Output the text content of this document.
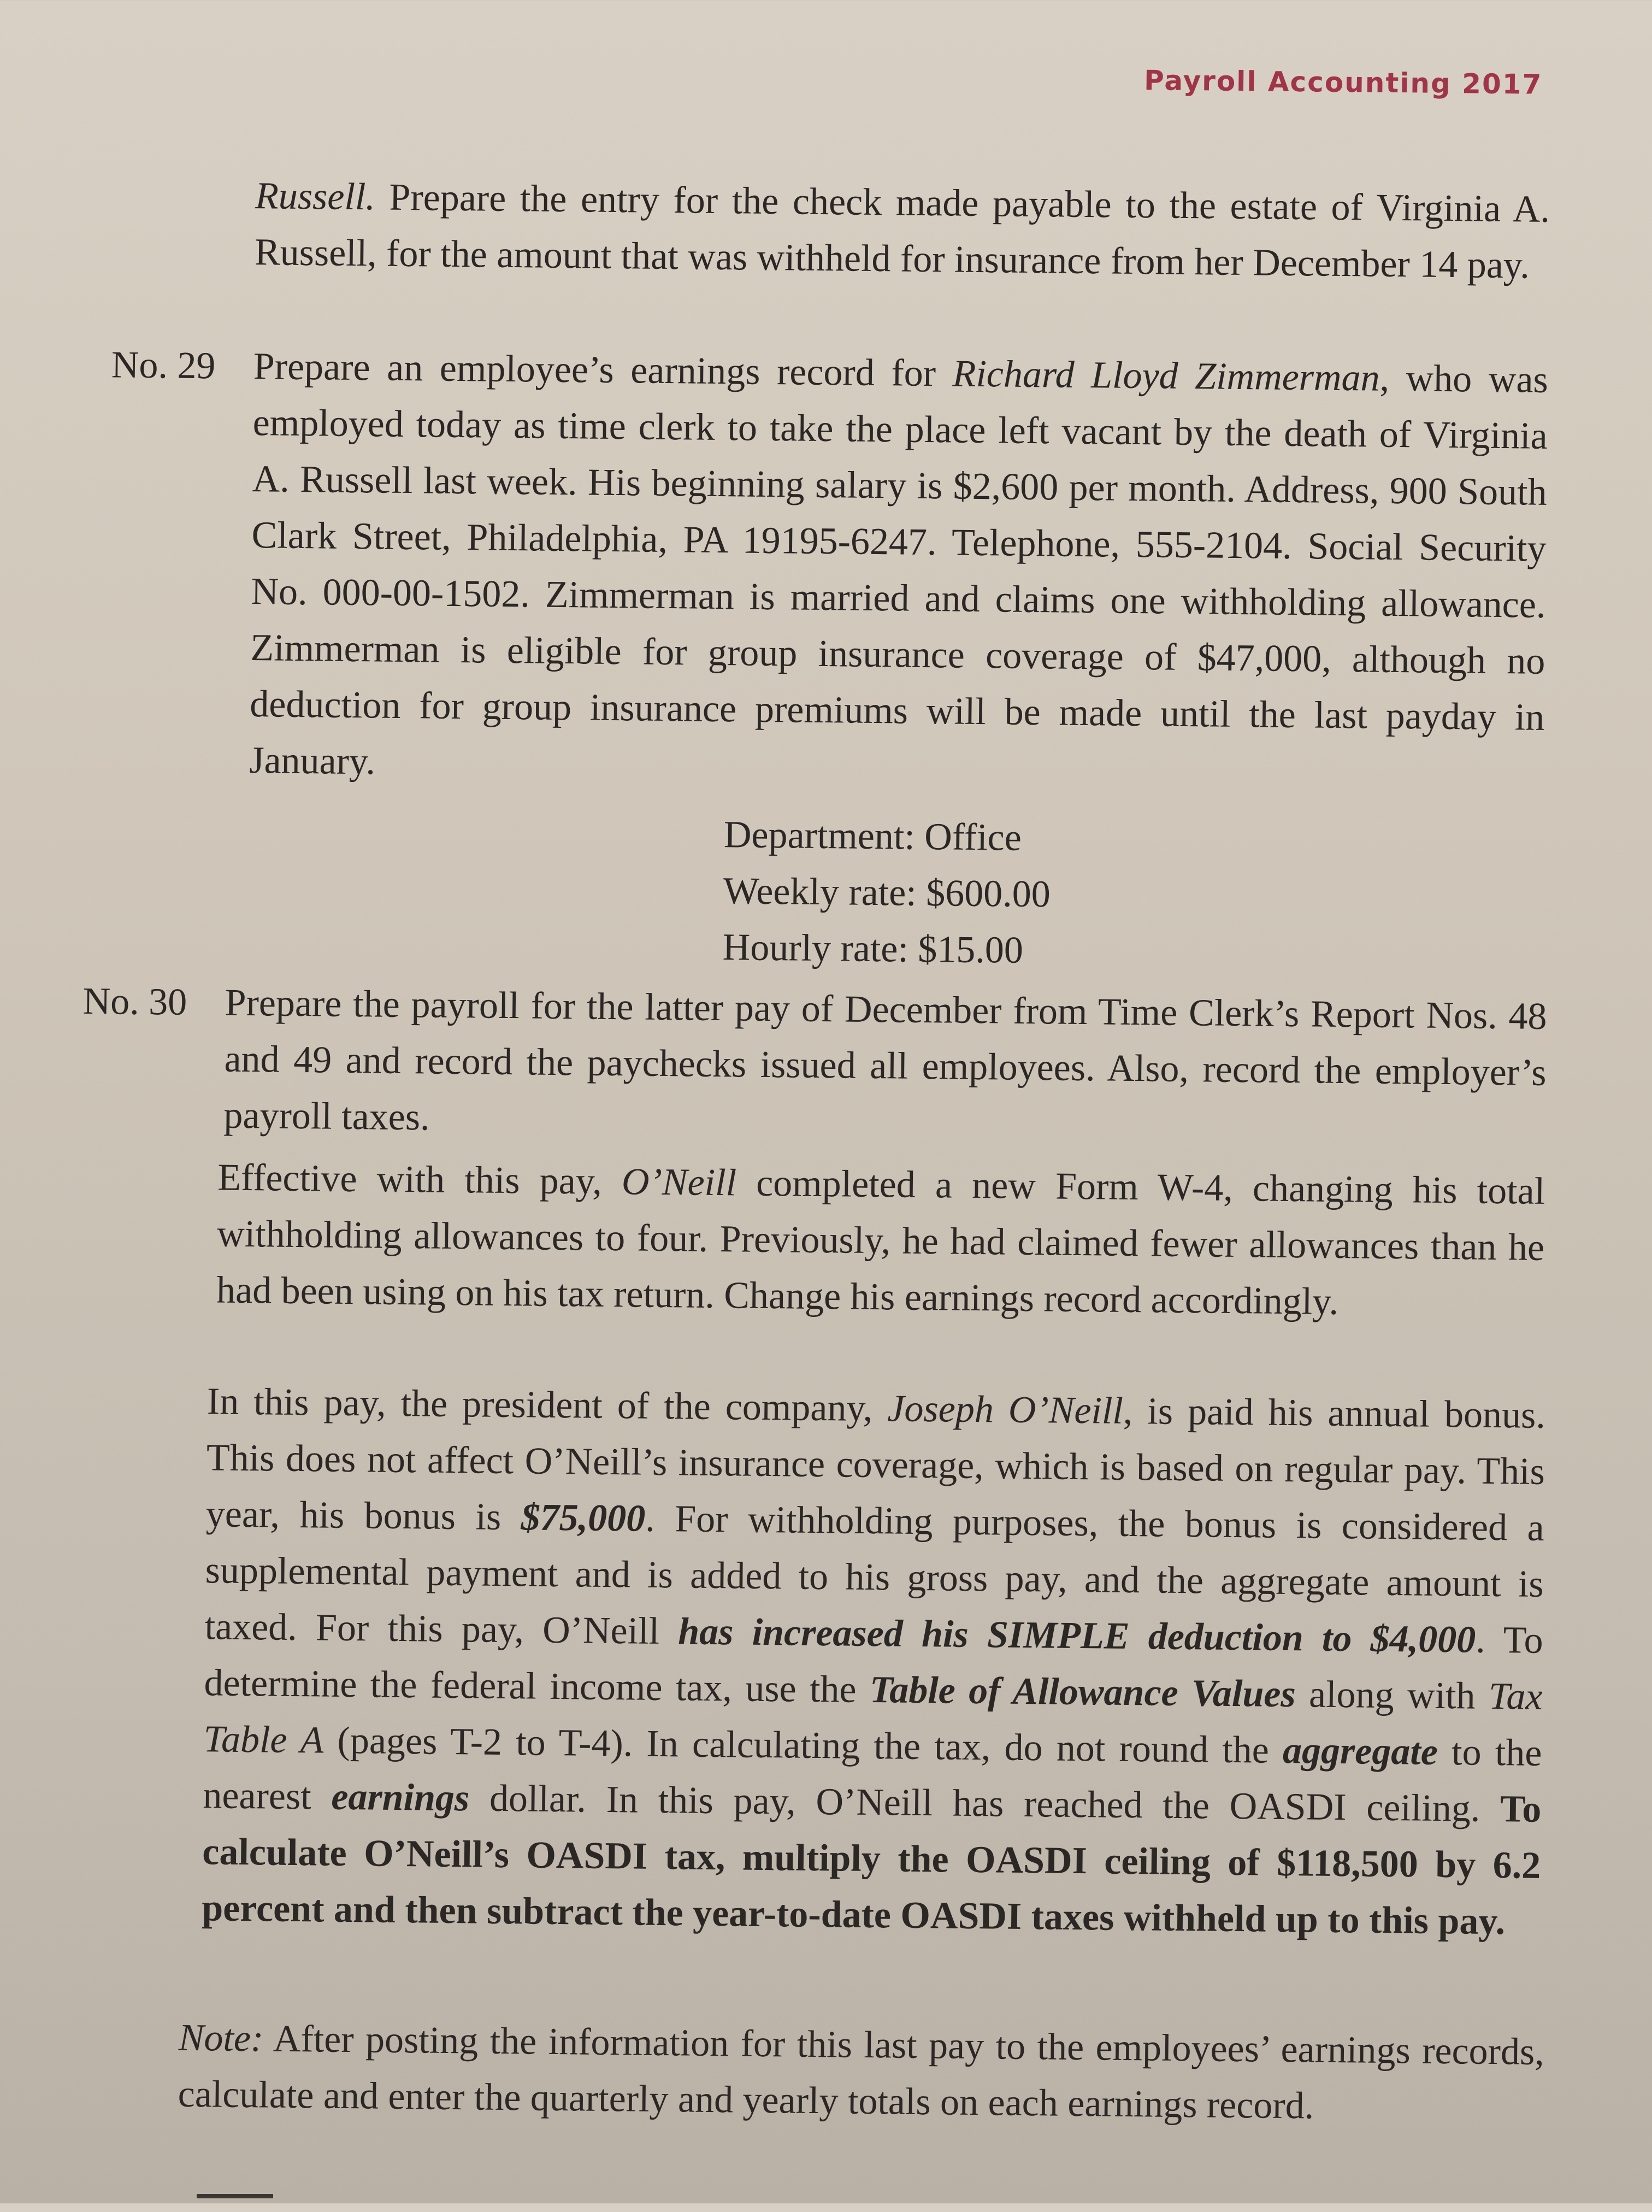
Payroll Accounting 2017
Russell. Prepare the entry for the check made payable to the estate of Virginia A. Russell, for the amount that was withheld for insurance from her December 14 pay.
No. 29 Prepare an employee’s earnings record for Richard Lloyd Zimmerman, who was employed today as time clerk to take the place left vacant by the death of Virginia A. Russell last week. His beginning salary is $2,600 per month. Address, 900 South Clark Street, Philadelphia, PA 19195-6247. Telephone, 555-2104. Social Security No. 000-00-1502. Zimmerman is married and claims one withholding allowance. Zimmerman is eligible for group insurance coverage of $47,000, although no deduction for group insurance premiums will be made until the last payday in January.
Department: Office
Weekly rate: $600.00
Hourly rate: $15.00
No. 30 Prepare the payroll for the latter pay of December from Time Clerk’s Report Nos. 48 and 49 and record the paychecks issued all employees. Also, record the employer’s payroll taxes.
Effective with this pay, O’Neill completed a new Form W-4, changing his total withholding allowances to four. Previously, he had claimed fewer allowances than he had been using on his tax return. Change his earnings record accordingly.
In this pay, the president of the company, Joseph O’Neill, is paid his annual bonus. This does not affect O’Neill’s insurance coverage, which is based on regular pay. This year, his bonus is $75,000. For withholding purposes, the bonus is considered a supplemental payment and is added to his gross pay, and the aggregate amount is taxed. For this pay, O’Neill has increased his SIMPLE deduction to $4,000. To determine the federal income tax, use the Table of Allowance Values along with Tax Table A (pages T-2 to T-4). In calculating the tax, do not round the aggregate to the nearest earnings dollar. In this pay, O’Neill has reached the OASDI ceiling. To calculate O’Neill’s OASDI tax, multiply the OASDI ceiling of $118,500 by 6.2 percent and then subtract the year-to-date OASDI taxes withheld up to this pay.
Note: After posting the information for this last pay to the employees’ earnings records, calculate and enter the quarterly and yearly totals on each earnings record.
